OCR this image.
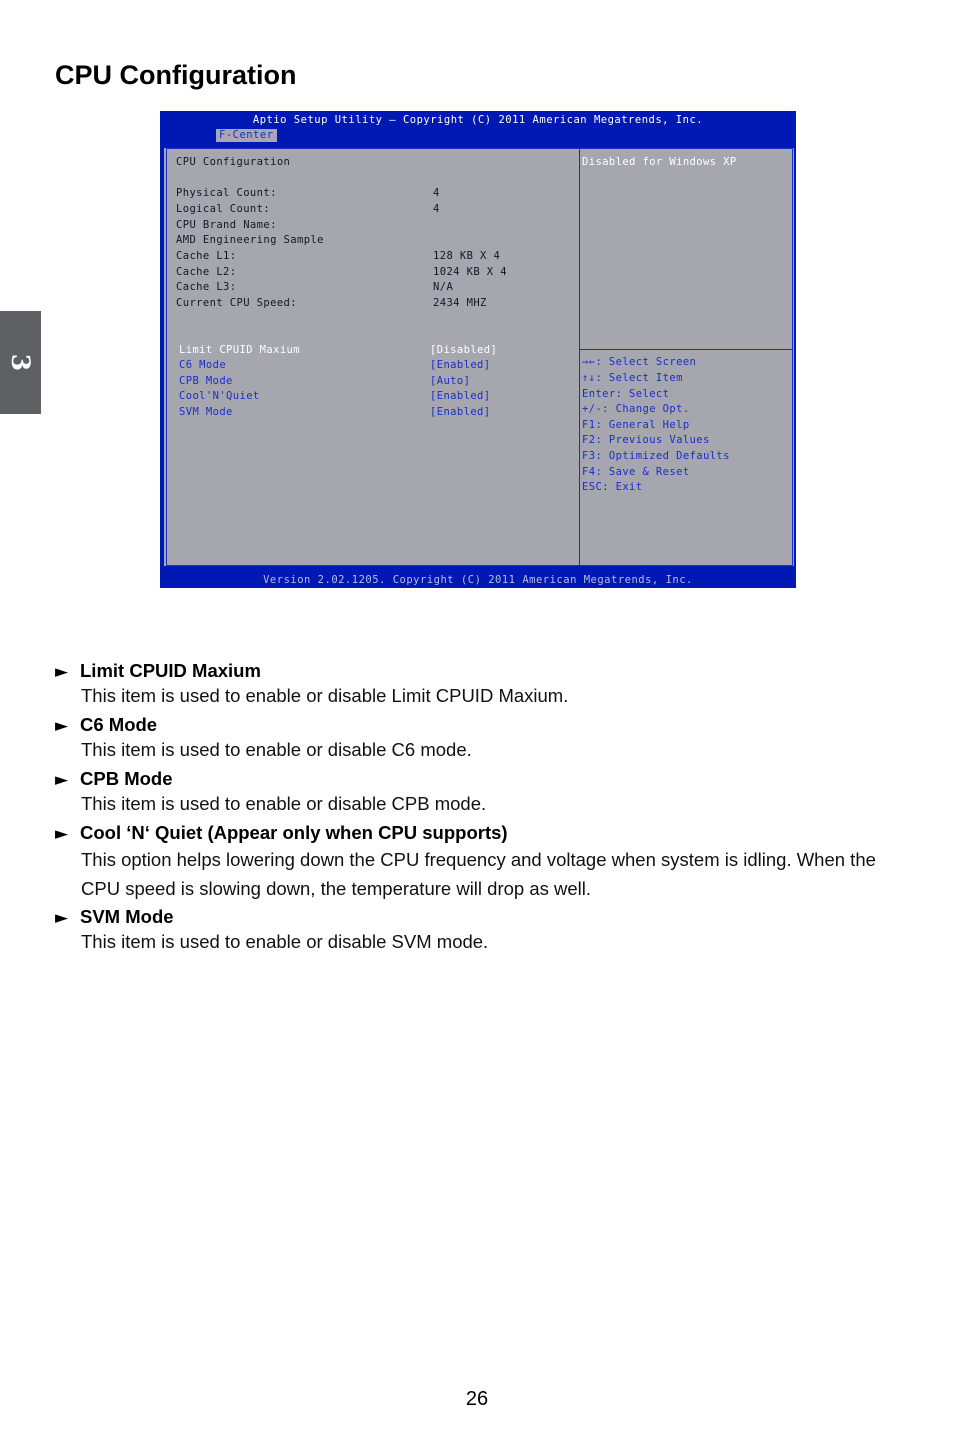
CPU Configuration
3
Aptio Setup Utility – Copyright (C) 2011 American Megatrends, Inc.
F-Center
CPU Configuration
Physical Count:	4
Logical Count:	4
CPU Brand Name:
AMD Engineering Sample
Cache L1:	128 KB X 4
Cache L2:	1024 KB X 4
Cache L3:	N/A
Current CPU Speed:	2434 MHZ
Limit CPUID Maxium	[Disabled]
C6 Mode	[Enabled]
CPB Mode	[Auto]
Cool'N'Quiet	[Enabled]
SVM Mode	[Enabled]
Disabled for Windows XP
→←: Select Screen
↑↓: Select Item
Enter: Select
+/-: Change Opt.
F1: General Help
F2: Previous Values
F3: Optimized Defaults
F4: Save & Reset
ESC: Exit
Version 2.02.1205. Copyright (C) 2011 American Megatrends, Inc.
► Limit CPUID Maxium
This item is used to enable or disable Limit CPUID Maxium.
► C6 Mode
This item is used to enable or disable C6 mode.
► CPB Mode
This item is used to enable or disable CPB mode.
► Cool ‘N‘ Quiet (Appear only when CPU supports)
This option helps lowering down the CPU frequency and voltage when system is idling. When the CPU speed is slowing down, the temperature will drop as well.
► SVM Mode
This item is used to enable or disable SVM mode.
26
